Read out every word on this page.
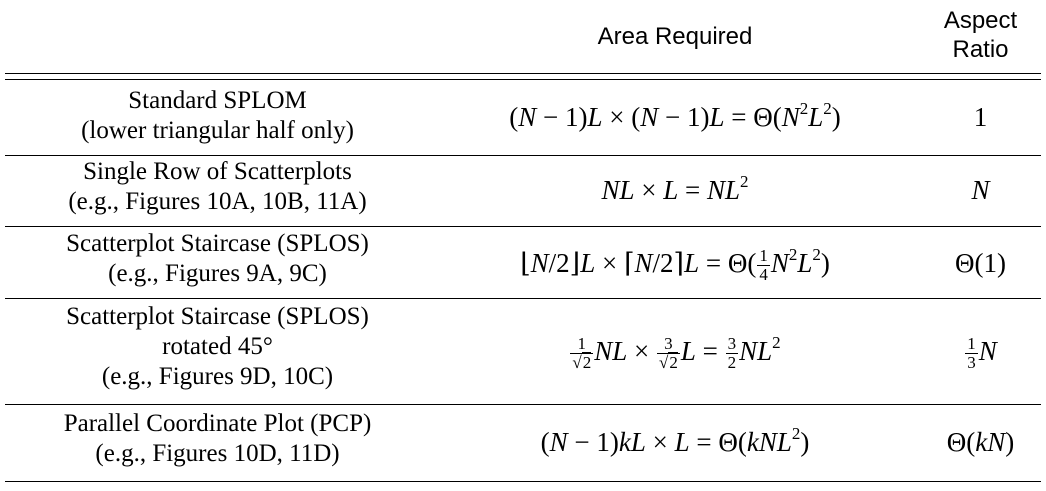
Area Required
Aspect
Ratio
Standard SPLOM
(lower triangular half only)	$(N - 1)L \times (N - 1)L = \Theta(N^2L^2)$	1
Single Row of Scatterplots
(e.g., Figures 10A, 10B, 11A)	NL × $L = NL^2$	N
Scatterplot Staircase (SPLOS)
(e.g., Figures 9A, 9C)	⌊N/2⌋L × ⌈N/2⌉L = $\Theta( \frac{1}{4} N^2L^2)$	Θ(1)
Scatterplot Staircase (SPLOS)
rotated 45°
(e.g., Figures 9D, 10C)
$\frac{1}{√2}$ NL × $\frac{3}{√2}$ $L = \frac{3}{2} NL^2$	$\frac{1}{3}$ N
Parallel Coordinate Plot (PCP)
(e.g., Figures 10D, 11D)	(N − 1)kL × L = Θ(kNL$^2$)	Θ(kN)
